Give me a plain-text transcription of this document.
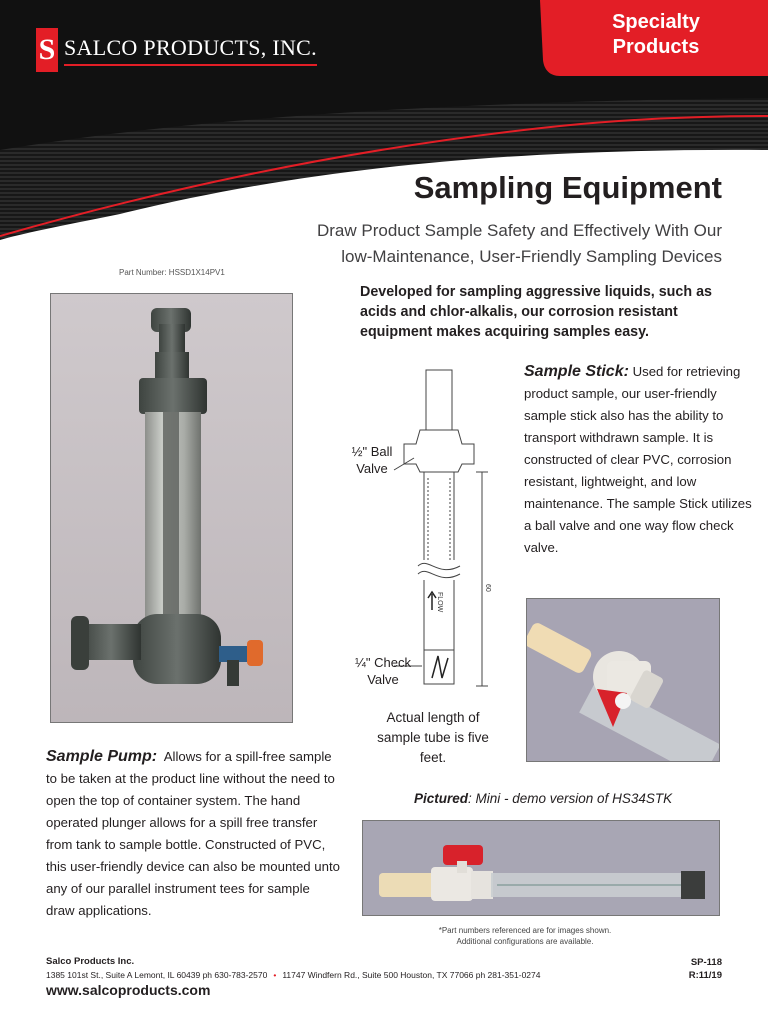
S SALCO PRODUCTS, INC.
Specialty
Products
Sampling Equipment
Draw Product Sample Safety and Effectively With Our low-Maintenance, User-Friendly Sampling Devices
Part Number: HSSD1X14PV1
Developed for sampling aggressive liquids, such as acids and chlor-alkalis, our corrosion resistant equipment makes acquiring samples easy.
FLOW
60
½" Ball Valve
¼" Check Valve
Actual length of sample tube is five feet.
Sample Stick: Used for retrieving product sample, our user-friendly sample stick also has the ability to transport withdrawn sample. It is constructed of clear PVC, corrosion resistant, lightweight, and low maintenance. The sample Stick utilizes a ball valve and one way flow check valve.
Pictured: Mini - demo version of HS34STK
Sample Pump: Allows for a spill-free sample to be taken at the product line without the need to open the top of container system. The hand operated plunger allows for a spill free transfer from tank to sample bottle. Constructed of PVC, this user-friendly device can also be mounted unto any of our parallel instrument tees for sample draw applications.
*Part numbers referenced are for images shown. Additional configurations are available.
Salco Products Inc.
1385 101st St., Suite A Lemont, IL 60439 ph 630-783-2570 • 11747 Windfern Rd., Suite 500 Houston, TX 77066 ph 281-351-0274
www.salcoproducts.com
SP-118
R:11/19
